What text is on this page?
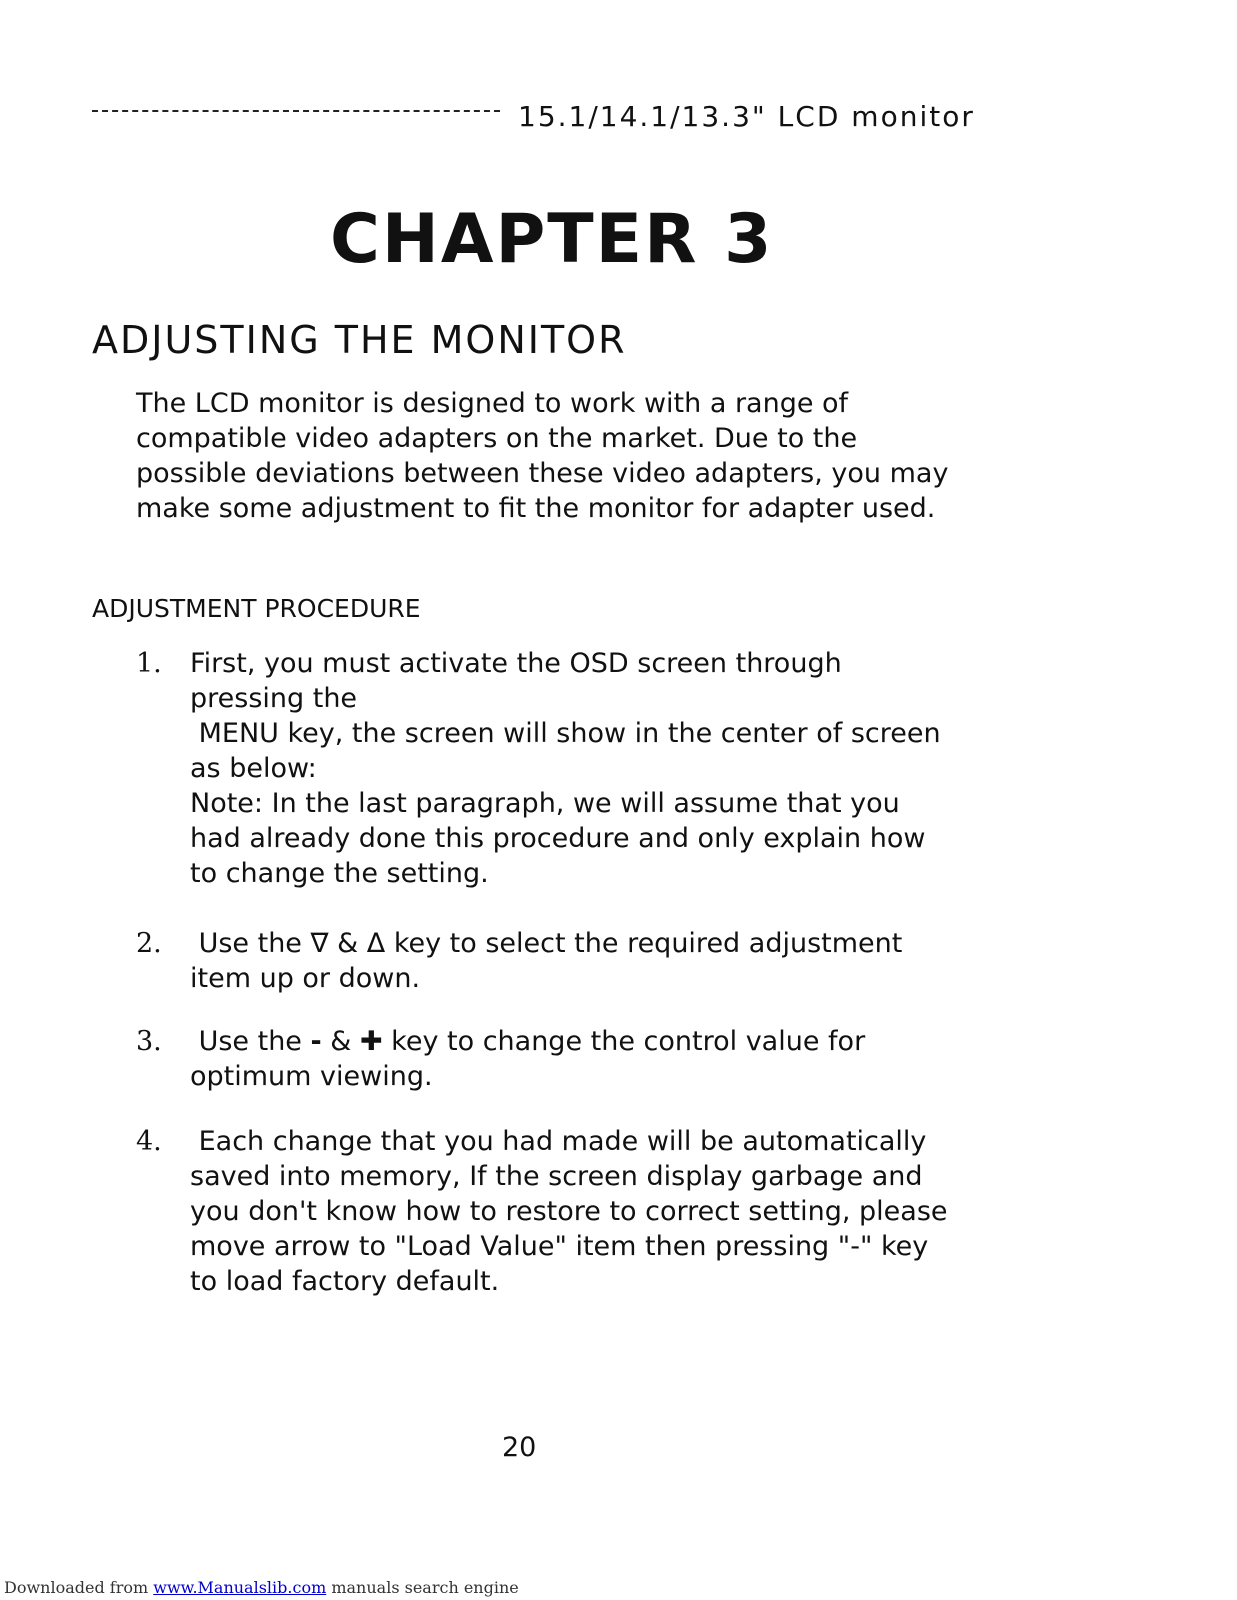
15.1/14.1/13.3" LCD monitor
CHAPTER 3
ADJUSTING THE MONITOR
The LCD monitor is designed to work with a range of
compatible video adapters on the market. Due to the
possible deviations between these video adapters, you may
make some adjustment to fit the monitor for adapter used.
ADJUSTMENT PROCEDURE
1. First, you must activate the OSD screen through
pressing the
MENU key, the screen will show in the center of screen
as below:
Note: In the last paragraph, we will assume that you
had already done this procedure and only explain how
to change the setting.
2. Use the ∇ & Δ key to select the required adjustment
item up or down.
3. Use the - & ✚ key to change the control value for
optimum viewing.
4. Each change that you had made will be automatically
saved into memory, If the screen display garbage and
you don't know how to restore to correct setting, please
move arrow to "Load Value" item then pressing "-" key
to load factory default.
20
Downloaded from www.Manualslib.com manuals search engine
